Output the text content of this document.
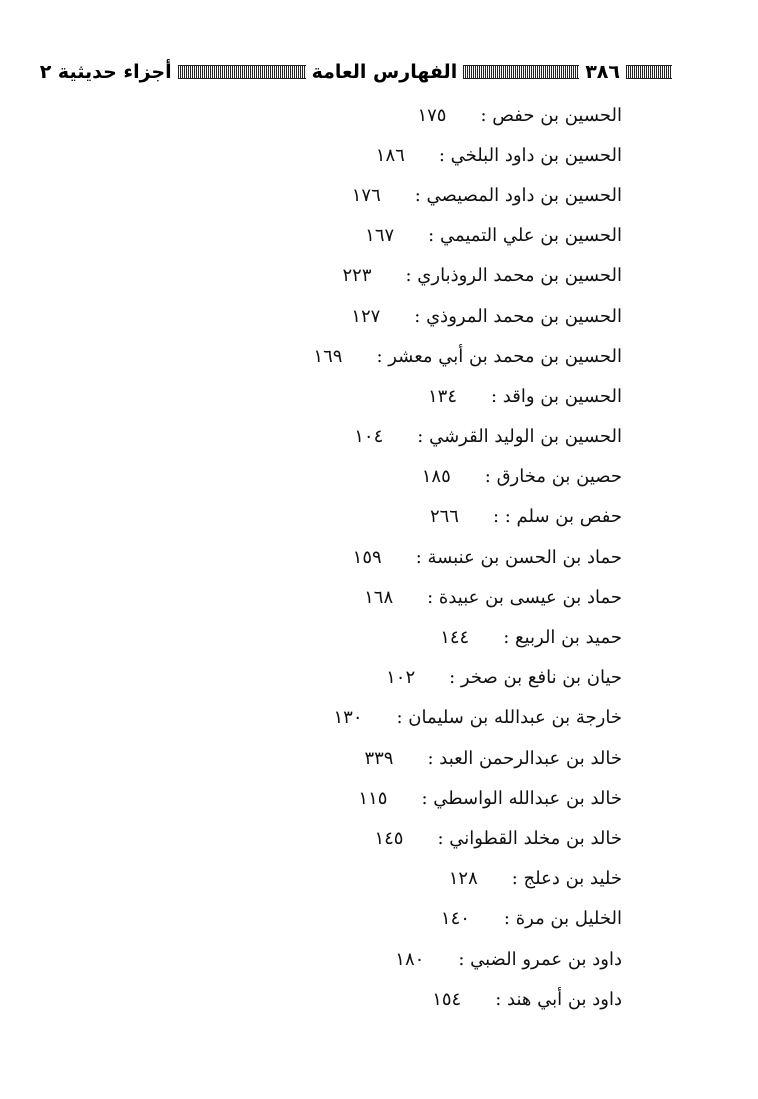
٣٨٦
الفهارس العامة
أجزاء حديثية ٢
الحسين بن حفص :
١٧٥
الحسين بن داود البلخي :
١٨٦
الحسين بن داود المصيصي :
١٧٦
الحسين بن علي التميمي :
١٦٧
الحسين بن محمد الروذباري :
٢٢٣
الحسين بن محمد المروذي :
١٢٧
الحسين بن محمد بن أبي معشر :
١٦٩
الحسين بن واقد :
١٣٤
الحسين بن الوليد القرشي :
١٠٤
حصين بن مخارق :
١٨٥
حفص بن سلم : :
٢٦٦
حماد بن الحسن بن عنبسة :
١٥٩
حماد بن عيسى بن عبيدة :
١٦٨
حميد بن الربيع :
١٤٤
حيان بن نافع بن صخر :
١٠٢
خارجة بن عبدالله بن سليمان :
١٣٠
خالد بن عبدالرحمن العبد :
٣٣٩
خالد بن عبدالله الواسطي :
١١٥
خالد بن مخلد القطواني :
١٤٥
خليد بن دعلج :
١٢٨
الخليل بن مرة :
١٤٠
داود بن عمرو الضبي :
١٨٠
داود بن أبي هند :
١٥٤
